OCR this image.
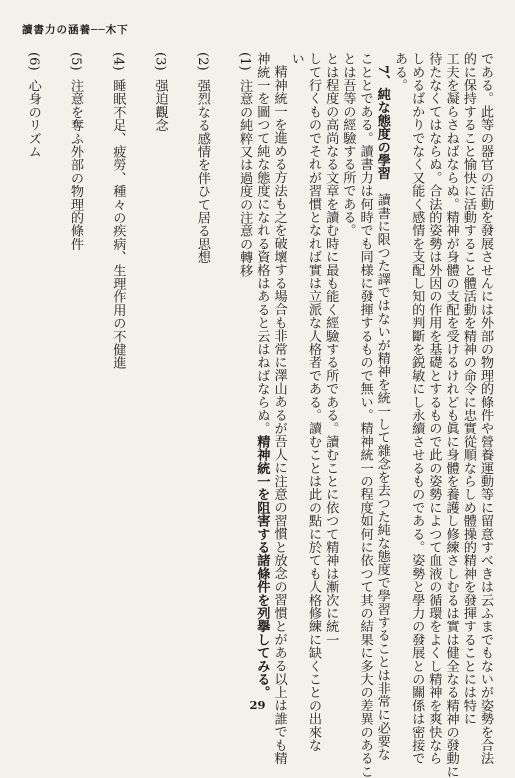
讀書力の涵養──木下

である。此等の器官の活動を發展させんには外部の物理的條件や營養運動等に留意すべきは云ふまでもないが姿勢を合法

的に保持すること愉快に活動すること體活動を精神の命令に忠實從順ならしめ體操的精神を發揮することには特に

工夫を凝らさねばならぬ。精神が身體の支配を受けるけれども眞に身體を養護し修練さしむるは實は健全なる精神の發動に

待たなくてはならぬ。合法的姿勢は外因の作用を基礎とするもので此の姿勢によつて血液の循環をよくし精神を爽快なら

しめるばかりでなく又能く感情を支配し知的判斷を鋭敏にし永續させるものである。姿勢と學力の發展との關係は密接で

ある。

7、純な態度の學習　讀書に限つた譯ではないが精神を統一して雜念を去つた純な態度で學習することは非常に必要な

こととである。讀書力は何時でも同様に發揮するもので無い。精神統一の程度如何に依つて其の結果に多大の差異のあるこ

とは吾等の經驗する所である。

とは程度の高尚なる文章を讀む時に最も能く經驗する所である。讀むことに依つて精神は漸次に統一

して行くものでそれが習慣となれば實は立派な人格者である。讀むことは此の點に於ても人格修練に缺くことの出來な

い

精神統一を進める方法も之を破壞する場合も非常に澤山あるが吾人に注意の習慣と放念の習慣とがある以上は誰でも精

神統一を圖つて純な態度になれる資格はあると云はねばならぬ。精神統一を阻害する諸條件を列擧してみる。

(1) 注意の純粹又は過度の注意の轉移

(2) 强烈なる感情を伴ひて居る思想

(3) 强迫觀念

(4) 睡眠不足、疲勞、種々の疾病、生理作用の不健進

(5) 注意を奪ふ外部の物理的條件

(6) 心身のリズム

29
